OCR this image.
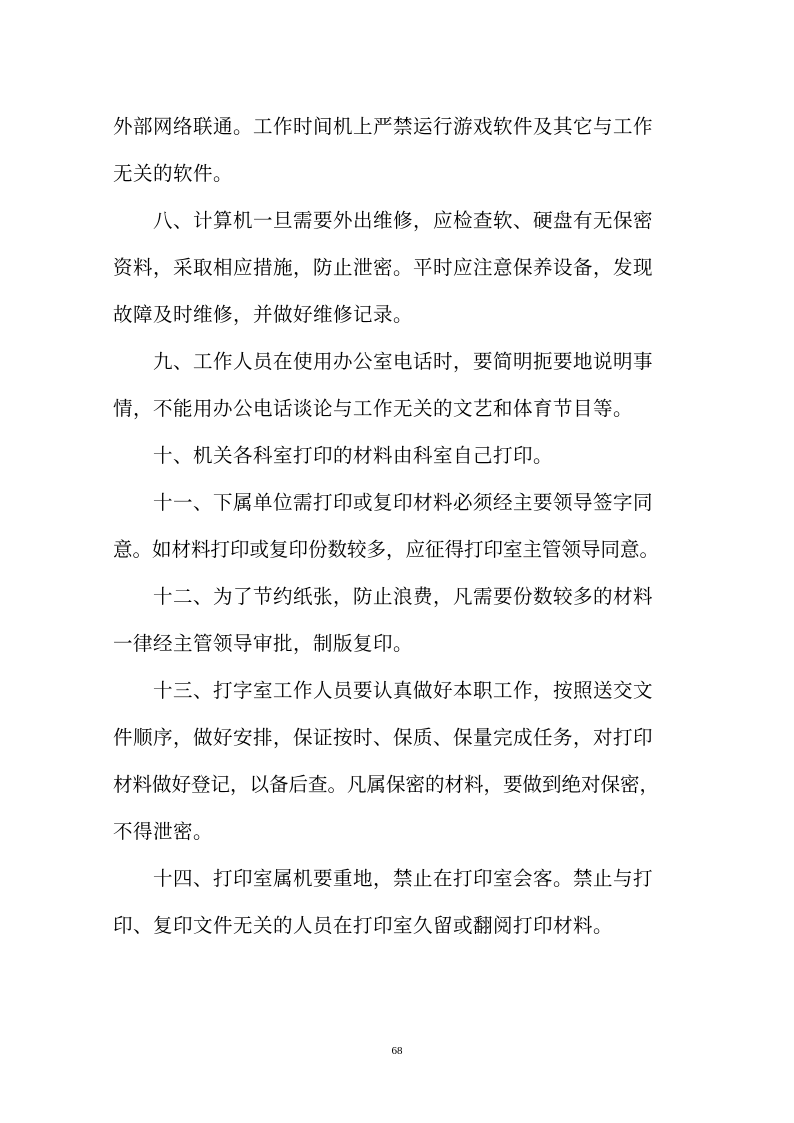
外部网络联通。工作时间机上严禁运行游戏软件及其它与工作
无关的软件。
八、计算机一旦需要外出维修，应检查软、硬盘有无保密
资料，采取相应措施，防止泄密。平时应注意保养设备，发现
故障及时维修，并做好维修记录。
九、工作人员在使用办公室电话时，要简明扼要地说明事
情，不能用办公电话谈论与工作无关的文艺和体育节目等。
十、机关各科室打印的材料由科室自己打印。
十一、下属单位需打印或复印材料必须经主要领导签字同
意。如材料打印或复印份数较多，应征得打印室主管领导同意。
十二、为了节约纸张，防止浪费，凡需要份数较多的材料
一律经主管领导审批，制版复印。
十三、打字室工作人员要认真做好本职工作，按照送交文
件顺序，做好安排，保证按时、保质、保量完成任务，对打印
材料做好登记，以备后查。凡属保密的材料，要做到绝对保密，
不得泄密。
十四、打印室属机要重地，禁止在打印室会客。禁止与打
印、复印文件无关的人员在打印室久留或翻阅打印材料。
68
